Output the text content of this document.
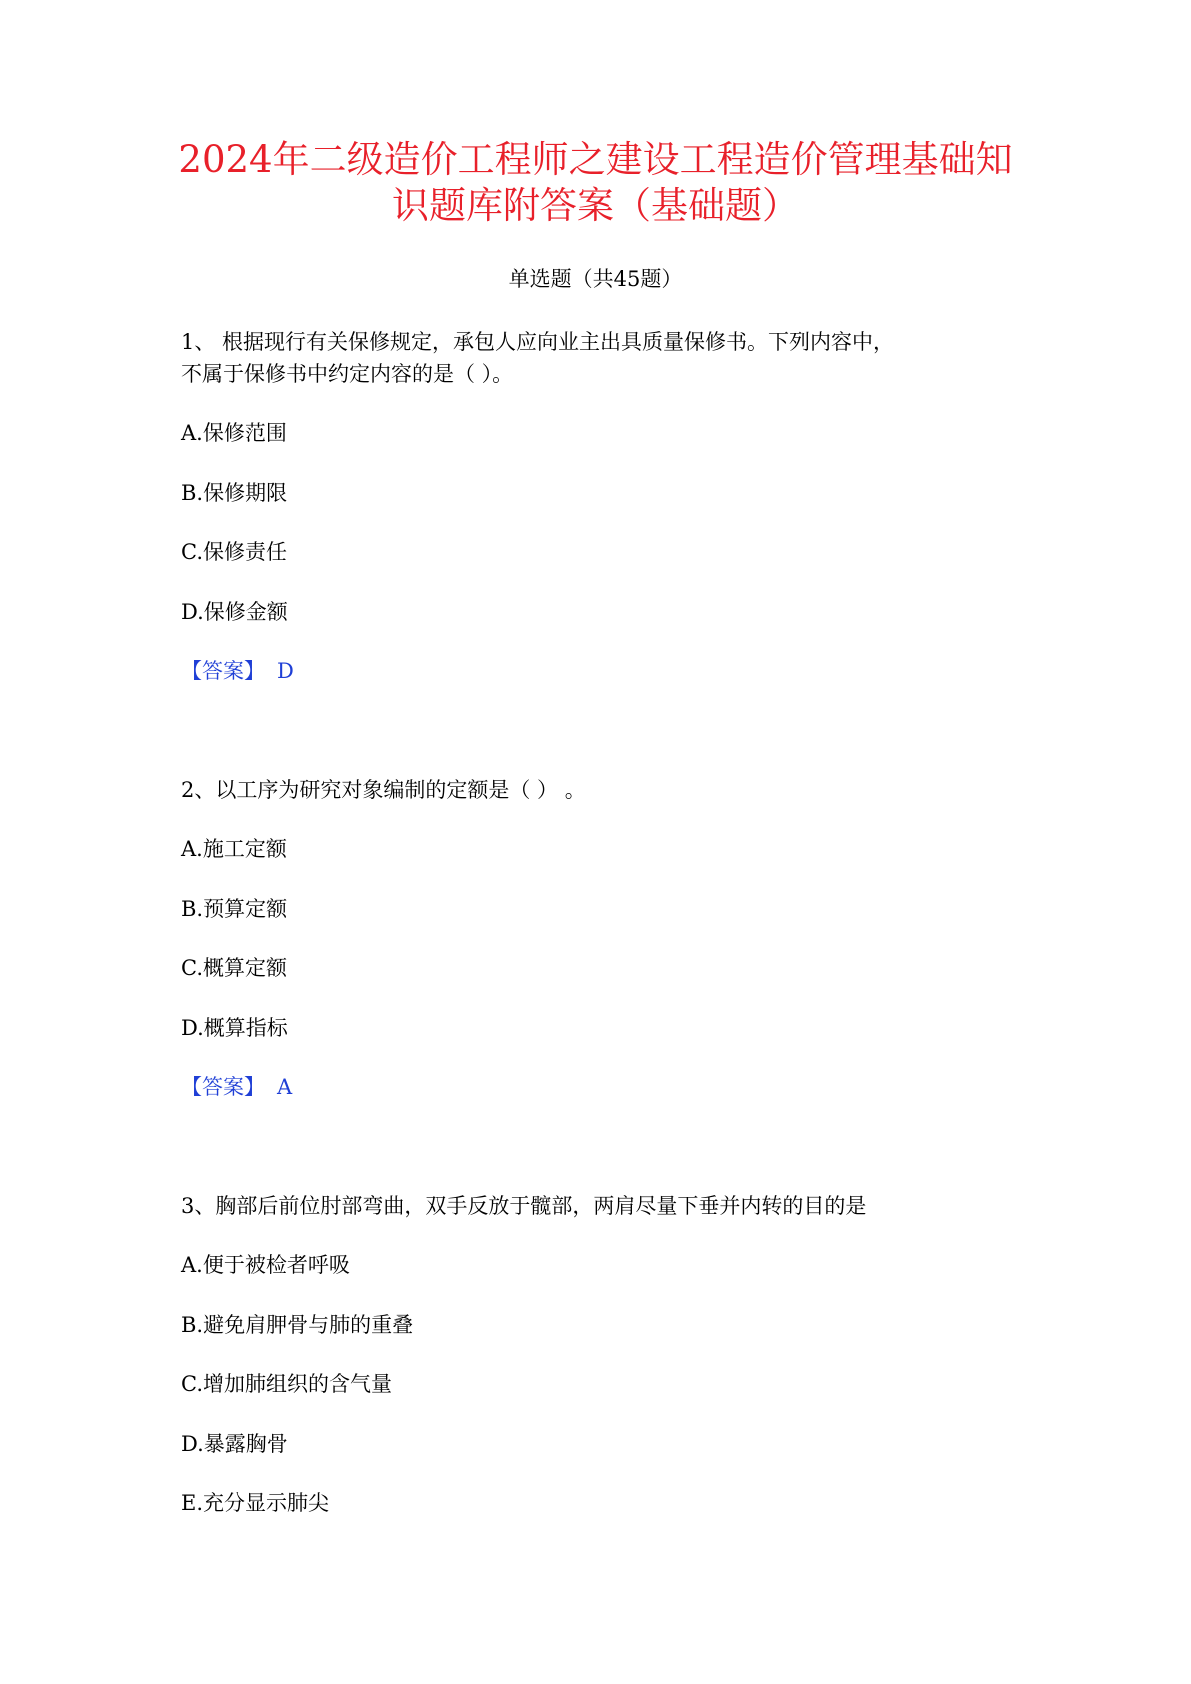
2024年二级造价工程师之建设工程造价管理基础知
识题库附答案（基础题）
单选题（共45题）
1、 根据现行有关保修规定，承包人应向业主出具质量保修书。下列内容中，
不属于保修书中约定内容的是（ ）。
A.保修范围
B.保修期限
C.保修责任
D.保修金额
【答案】 D
2、以工序为研究对象编制的定额是（ ） 。
A.施工定额
B.预算定额
C.概算定额
D.概算指标
【答案】 A
3、胸部后前位肘部弯曲，双手反放于髋部，两肩尽量下垂并内转的目的是
A.便于被检者呼吸
B.避免肩胛骨与肺的重叠
C.增加肺组织的含气量
D.暴露胸骨
E.充分显示肺尖
